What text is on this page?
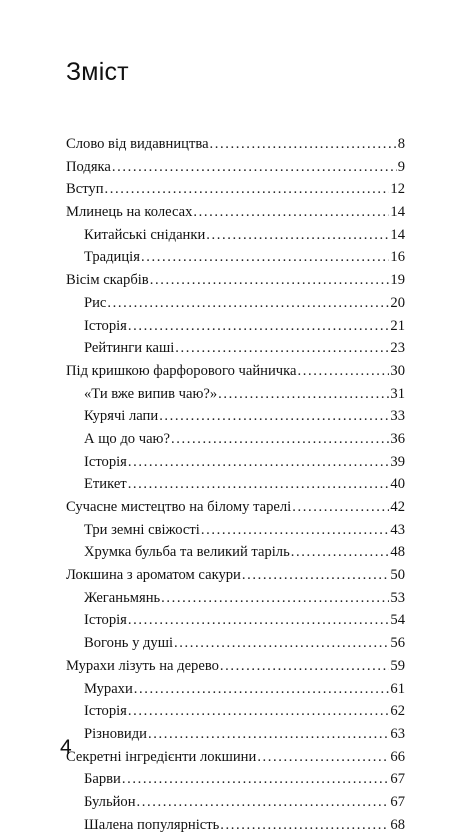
Зміст
Слово від видавництва .....	8
Подяка .....	9
Вступ .....	12
Млинець на колесах .....	14
Китайські сніданки .....	14
Традиція .....	16
Вісім скарбів .....	19
Рис .....	20
Історія .....	21
Рейтинги каші .....	23
Під кришкою фарфорового чайничка .....	30
«Ти вже випив чаю?» .....	31
Курячі лапи .....	33
А що до чаю? .....	36
Історія .....	39
Етикет .....	40
Сучасне мистецтво на білому тарелі .....	42
Три земні свіжості .....	43
Хрумка бульба та великий таріль .....	48
Локшина з ароматом сакури .....	50
Жеганьмянь .....	53
Історія .....	54
Вогонь у душі .....	56
Мурахи лізуть на дерево .....	59
Мурахи .....	61
Історія .....	62
Різновиди .....	63
Секретні інгредієнти локшини .....	66
Барви .....	67
Бульйон .....	67
Шалена популярність .....	68
4
